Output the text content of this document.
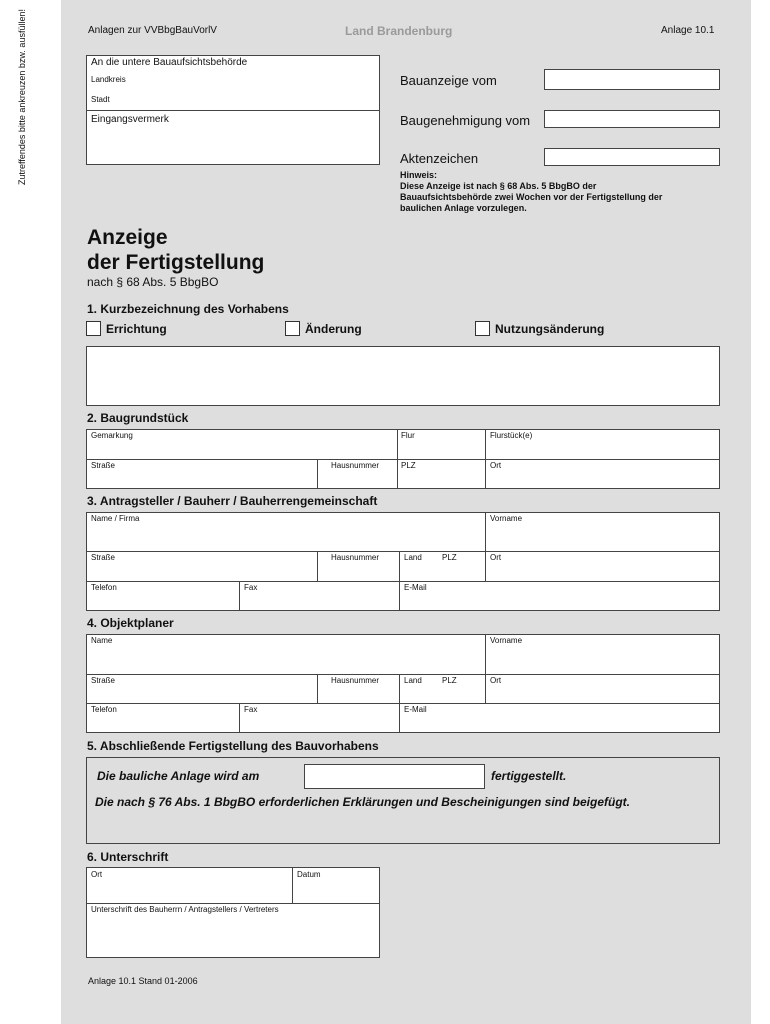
Zutreffendes bitte ankreuzen bzw. ausfüllen!	Anlagen zur VVBbgBauVorlV	Land Brandenburg	Anlage 10.1
An die untere Bauaufsichtsbehörde
Landkreis
Stadt
Eingangsvermerk
Bauanzeige vom
Baugenehmigung vom
Aktenzeichen
Hinweis:
Diese Anzeige ist nach § 68 Abs. 5 BbgBO der
Bauaufsichtsbehörde zwei Wochen vor der Fertigstellung der
baulichen Anlage vorzulegen.
Anzeige
der Fertigstellung
nach § 68 Abs. 5 BbgBO
1. Kurzbezeichnung des Vorhabens
Errichtung	Änderung	Nutzungsänderung
2. Baugrundstück
Gemarkung	Flur	Flurstück(e)
Straße	Hausnummer	PLZ	Ort
3. Antragsteller / Bauherr / Bauherrengemeinschaft
Name / Firma	Vorname
Straße	Hausnummer	Land	PLZ	Ort
Telefon	Fax	E-Mail
4. Objektplaner
Name	Vorname
Straße	Hausnummer	Land	PLZ	Ort
Telefon	Fax	E-Mail
5. Abschließende Fertigstellung des Bauvorhabens
Die bauliche Anlage wird am	fertiggestellt.
Die nach § 76 Abs. 1 BbgBO erforderlichen Erklärungen und Bescheinigungen sind beigefügt.
6. Unterschrift
Ort	Datum
Unterschrift des Bauherrn / Antragstellers / Vertreters
Anlage 10.1 Stand 01-2006
